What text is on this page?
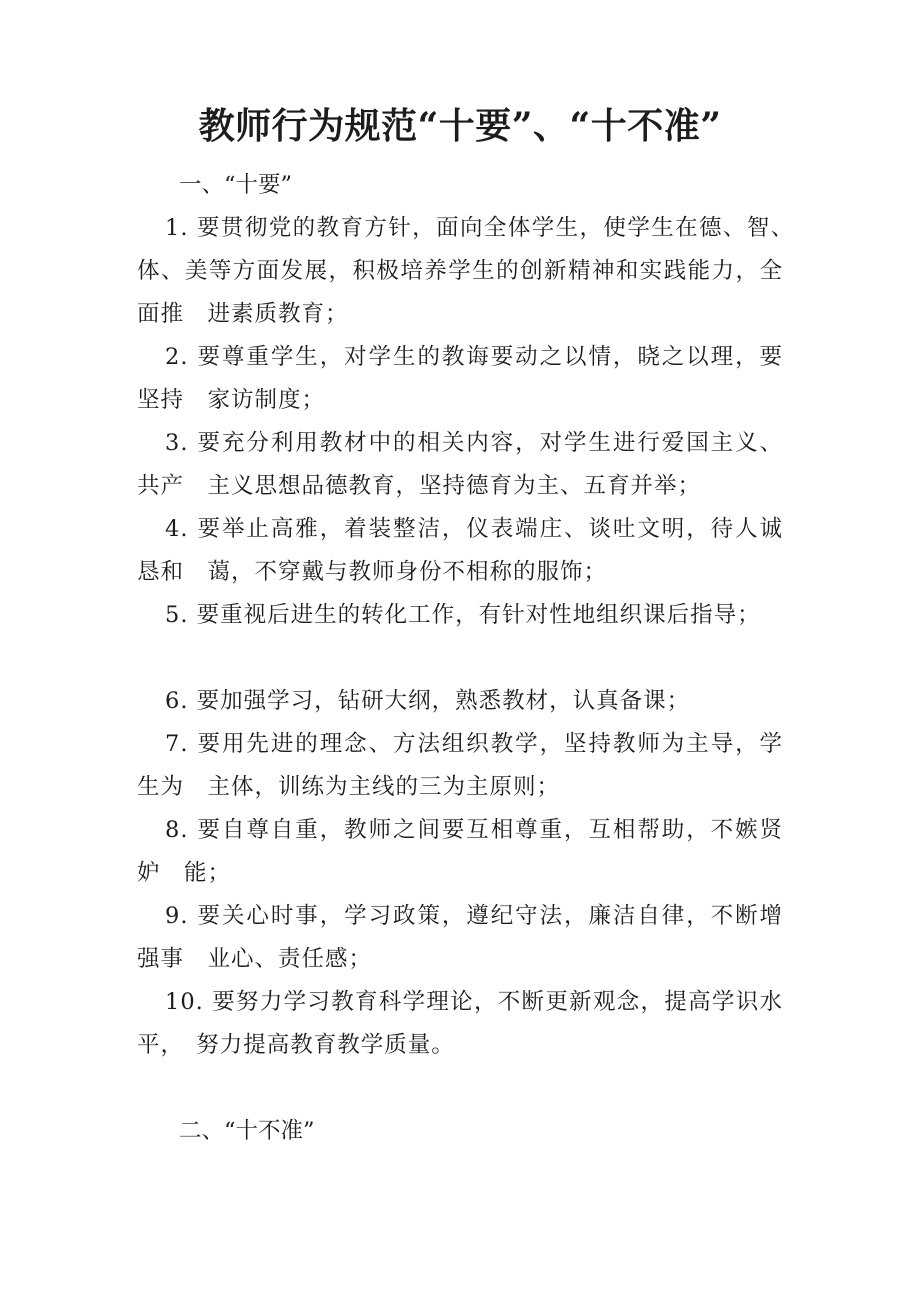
教师行为规范“十要”、“十不准”

一、“十要”

1. 要贯彻党的教育方针，面向全体学生，使学生在德、智、　体、美等方面发展，积极培养学生的创新精神和实践能力，全面推　进素质教育；

2. 要尊重学生，对学生的教诲要动之以情，晓之以理，要坚持　家访制度；

3. 要充分利用教材中的相关内容，对学生进行爱国主义、共产　主义思想品德教育，坚持德育为主、五育并举；

4. 要举止高雅，着装整洁，仪表端庄、谈吐文明，待人诚恳和　蔼，不穿戴与教师身份不相称的服饰；

5. 要重视后进生的转化工作，有针对性地组织课后指导；

6. 要加强学习，钻研大纲，熟悉教材，认真备课；

7. 要用先进的理念、方法组织教学，坚持教师为主导，学生为　主体，训练为主线的三为主原则；

8. 要自尊自重，教师之间要互相尊重，互相帮助，不嫉贤妒　能；

9. 要关心时事，学习政策，遵纪守法，廉洁自律，不断增强事　业心、责任感；

10. 要努力学习教育科学理论，不断更新观念，提高学识水平，　努力提高教育教学质量。

二、“十不准”
